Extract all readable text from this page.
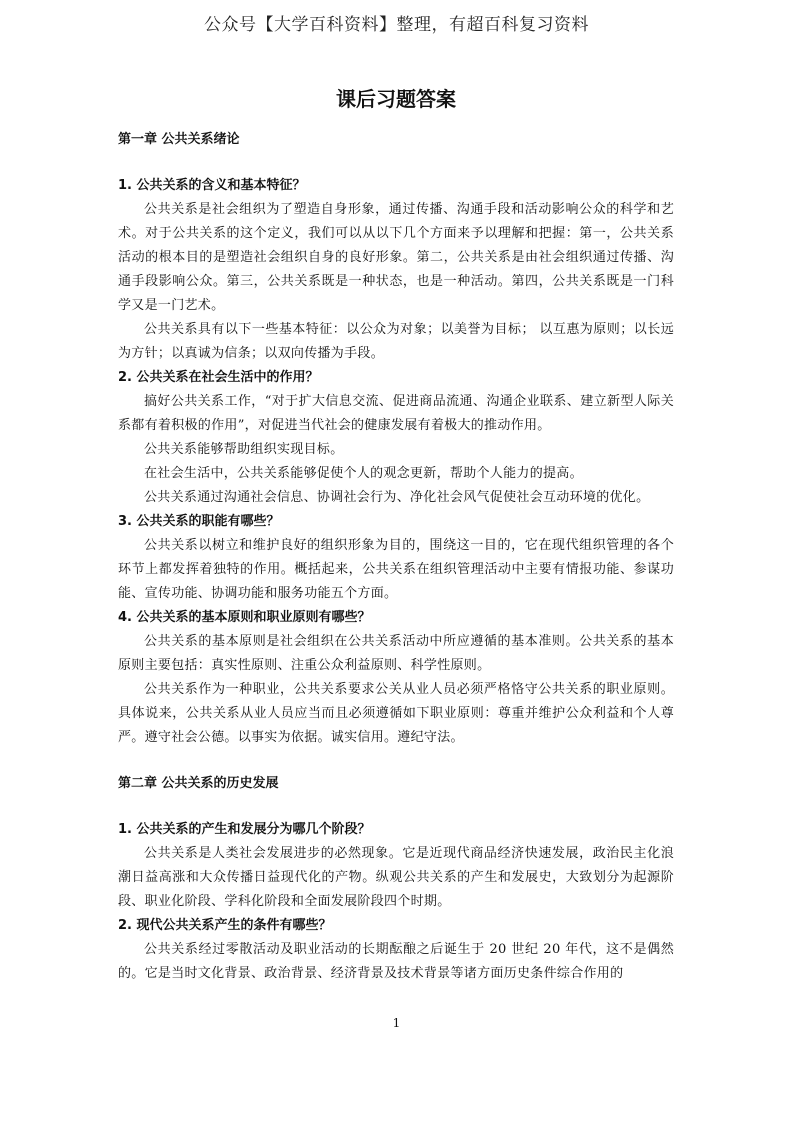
公众号【大学百科资料】整理，有超百科复习资料
课后习题答案

第一章 公共关系绪论

1. 公共关系的含义和基本特征？

公共关系是社会组织为了塑造自身形象，通过传播、沟通手段和活动影响公众的科学和艺术。对于公共关系的这个定义，我们可以从以下几个方面来予以理解和把握：第一，公共关系活动的根本目的是塑造社会组织自身的良好形象。第二，公共关系是由社会组织通过传播、沟通手段影响公众。第三，公共关系既是一种状态，也是一种活动。第四，公共关系既是一门科学又是一门艺术。

公共关系具有以下一些基本特征：以公众为对象；以美誉为目标； 以互惠为原则；以长远为方针；以真诚为信条；以双向传播为手段。

2. 公共关系在社会生活中的作用？

搞好公共关系工作，“对于扩大信息交流、促进商品流通、沟通企业联系、建立新型人际关系都有着积极的作用”，对促进当代社会的健康发展有着极大的推动作用。

公共关系能够帮助组织实现目标。

在社会生活中，公共关系能够促使个人的观念更新，帮助个人能力的提高。

公共关系通过沟通社会信息、协调社会行为、净化社会风气促使社会互动环境的优化。

3. 公共关系的职能有哪些？

公共关系以树立和维护良好的组织形象为目的，围绕这一目的，它在现代组织管理的各个环节上都发挥着独特的作用。概括起来，公共关系在组织管理活动中主要有情报功能、参谋功能、宣传功能、协调功能和服务功能五个方面。

4. 公共关系的基本原则和职业原则有哪些？

公共关系的基本原则是社会组织在公共关系活动中所应遵循的基本准则。公共关系的基本原则主要包括：真实性原则、注重公众利益原则、科学性原则。

公共关系作为一种职业，公共关系要求公关从业人员必须严格恪守公共关系的职业原则。具体说来，公共关系从业人员应当而且必须遵循如下职业原则：尊重并维护公众利益和个人尊严。遵守社会公德。以事实为依据。诚实信用。遵纪守法。

第二章 公共关系的历史发展

1. 公共关系的产生和发展分为哪几个阶段？

公共关系是人类社会发展进步的必然现象。它是近现代商品经济快速发展，政治民主化浪潮日益高涨和大众传播日益现代化的产物。纵观公共关系的产生和发展史，大致划分为起源阶段、职业化阶段、学科化阶段和全面发展阶段四个时期。

2. 现代公共关系产生的条件有哪些？

公共关系经过零散活动及职业活动的长期酝酿之后诞生于 20 世纪 20 年代，这不是偶然的。它是当时文化背景、政治背景、经济背景及技术背景等诸方面历史条件综合作用的

1
